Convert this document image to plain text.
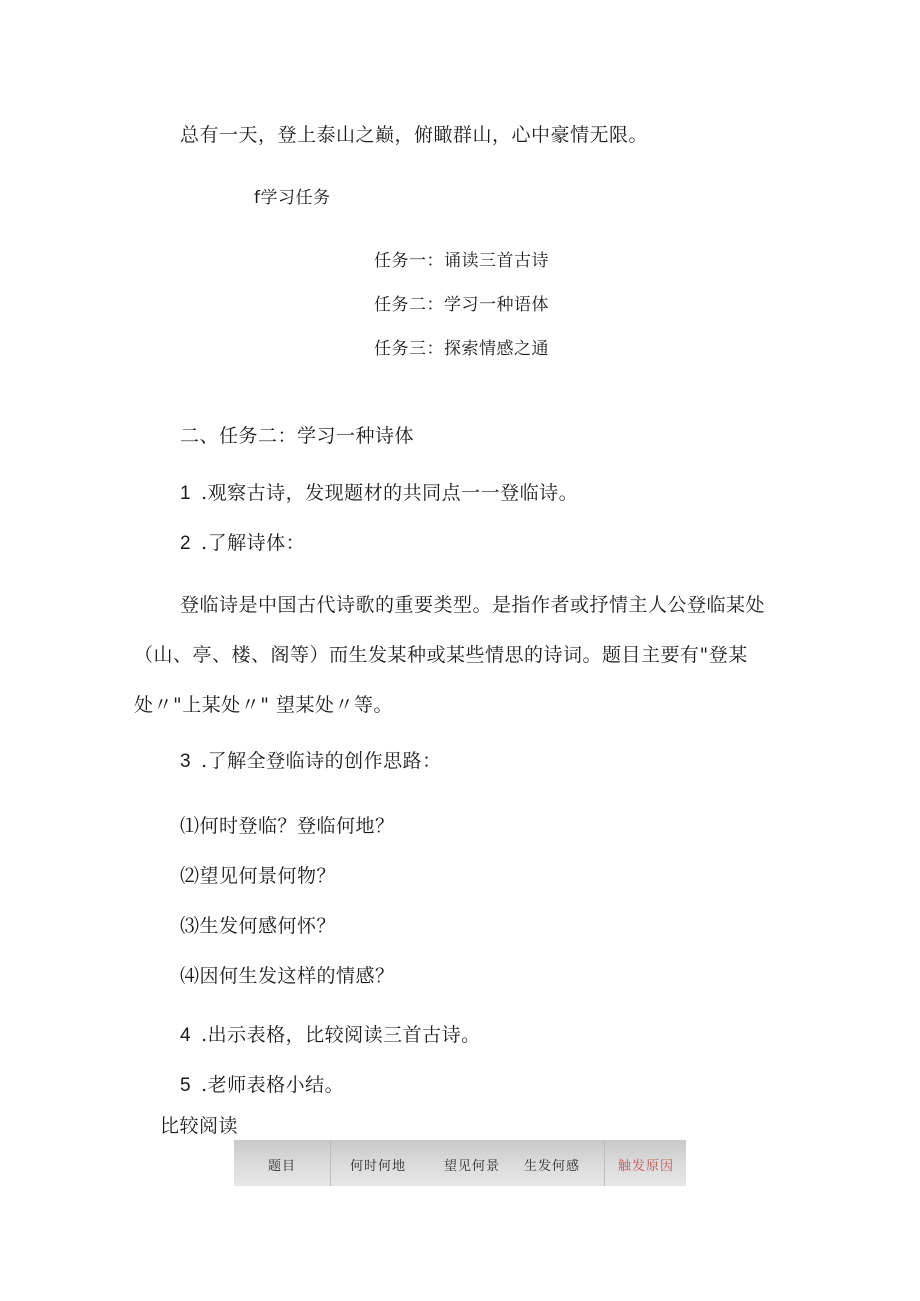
总有一天，登上泰山之巅，俯瞰群山，心中豪情无限。
f学习任务
任务一：诵读三首古诗
任务二：学习一种语体
任务三：探索情感之通
二、任务二：学习一种诗体
1 .观察古诗，发现题材的共同点一一登临诗。
2 .了解诗体：
登临诗是中国古代诗歌的重要类型。是指作者或抒情主人公登临某处
（山、亭、楼、阁等）而生发某种或某些情思的诗词。题目主要有"登某
处〃"上某处〃" 望某处〃等。
3 .了解全登临诗的创作思路：
⑴何时登临？登临何地？
⑵望见何景何物？
⑶生发何感何怀？
⑷因何生发这样的情感？
4 .出示表格，比较阅读三首古诗。
5 .老师表格小结。
比较阅读
题目	何时何地	望见何景 生发何感	触发原因
